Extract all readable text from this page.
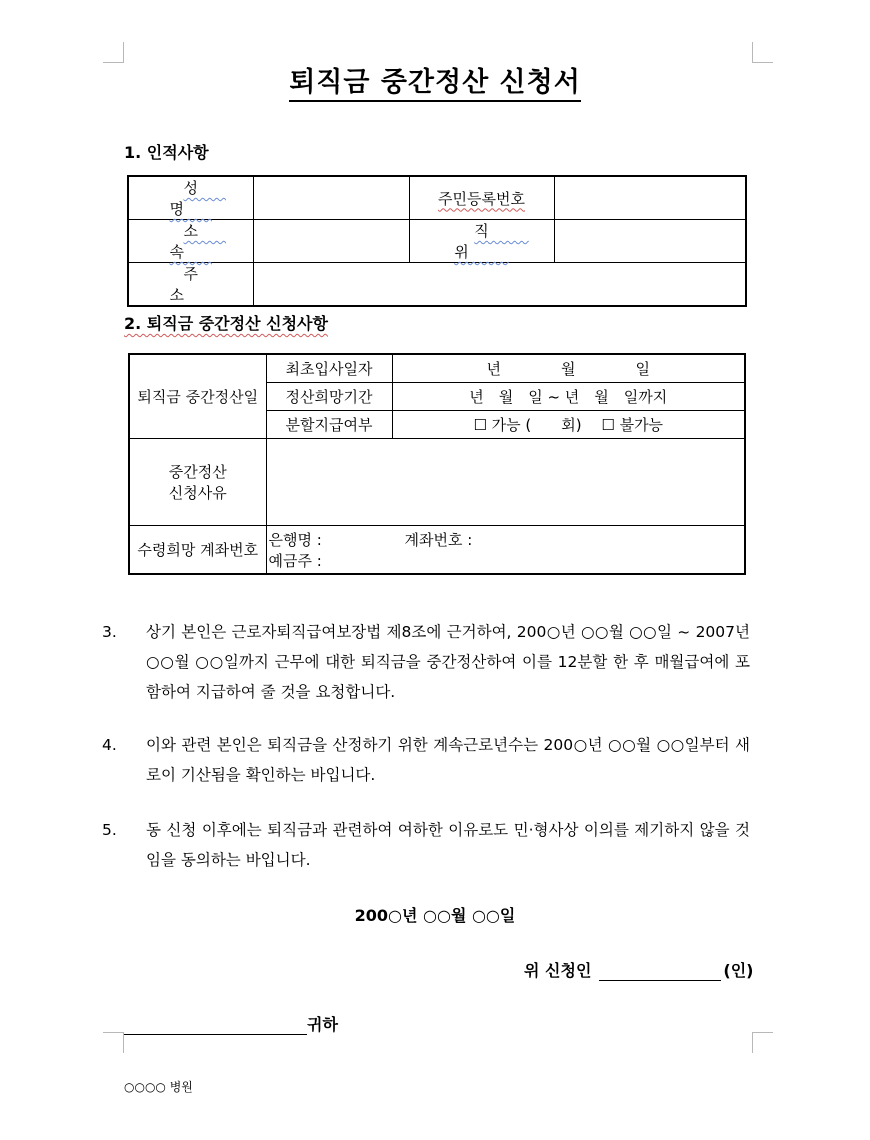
퇴직금 중간정산 신청서
1. 인적사항
성 명		주민등록번호	
소 속		직 위	
주 소			
2. 퇴직금 중간정산 신청사항
퇴직금 중간정산일	최초입사일자	년　　　　월　　　　일
	정산희망기간	년　월　일 ~ 년　월　일까지
	분할지급여부	☐ 가능 (　　회)　 ☐ 불가능

중간정산
신청사유		

수령희망 계좌번호	은행명 : 계좌번호 :
예금주 :	

3. 상기 본인은 근로자퇴직급여보장법 제8조에 근거하여, 200○년 ○○월 ○○일 ~ 2007년 ○○월 ○○일까지 근무에 대한 퇴직금을 중간정산하여 이를 12분할 한 후 매월급여에 포함하여 지급하여 줄 것을 요청합니다.

4. 이와 관련 본인은 퇴직금을 산정하기 위한 계속근로년수는 200○년 ○○월 ○○일부터 새로이 기산됨을 확인하는 바입니다.

5. 동 신청 이후에는 퇴직금과 관련하여 여하한 이유로도 민·형사상 이의를 제기하지 않을 것임을 동의하는 바입니다.

200○년 ○○월 ○○일
위 신청인	(인)
귀하
○○○○ 병원
